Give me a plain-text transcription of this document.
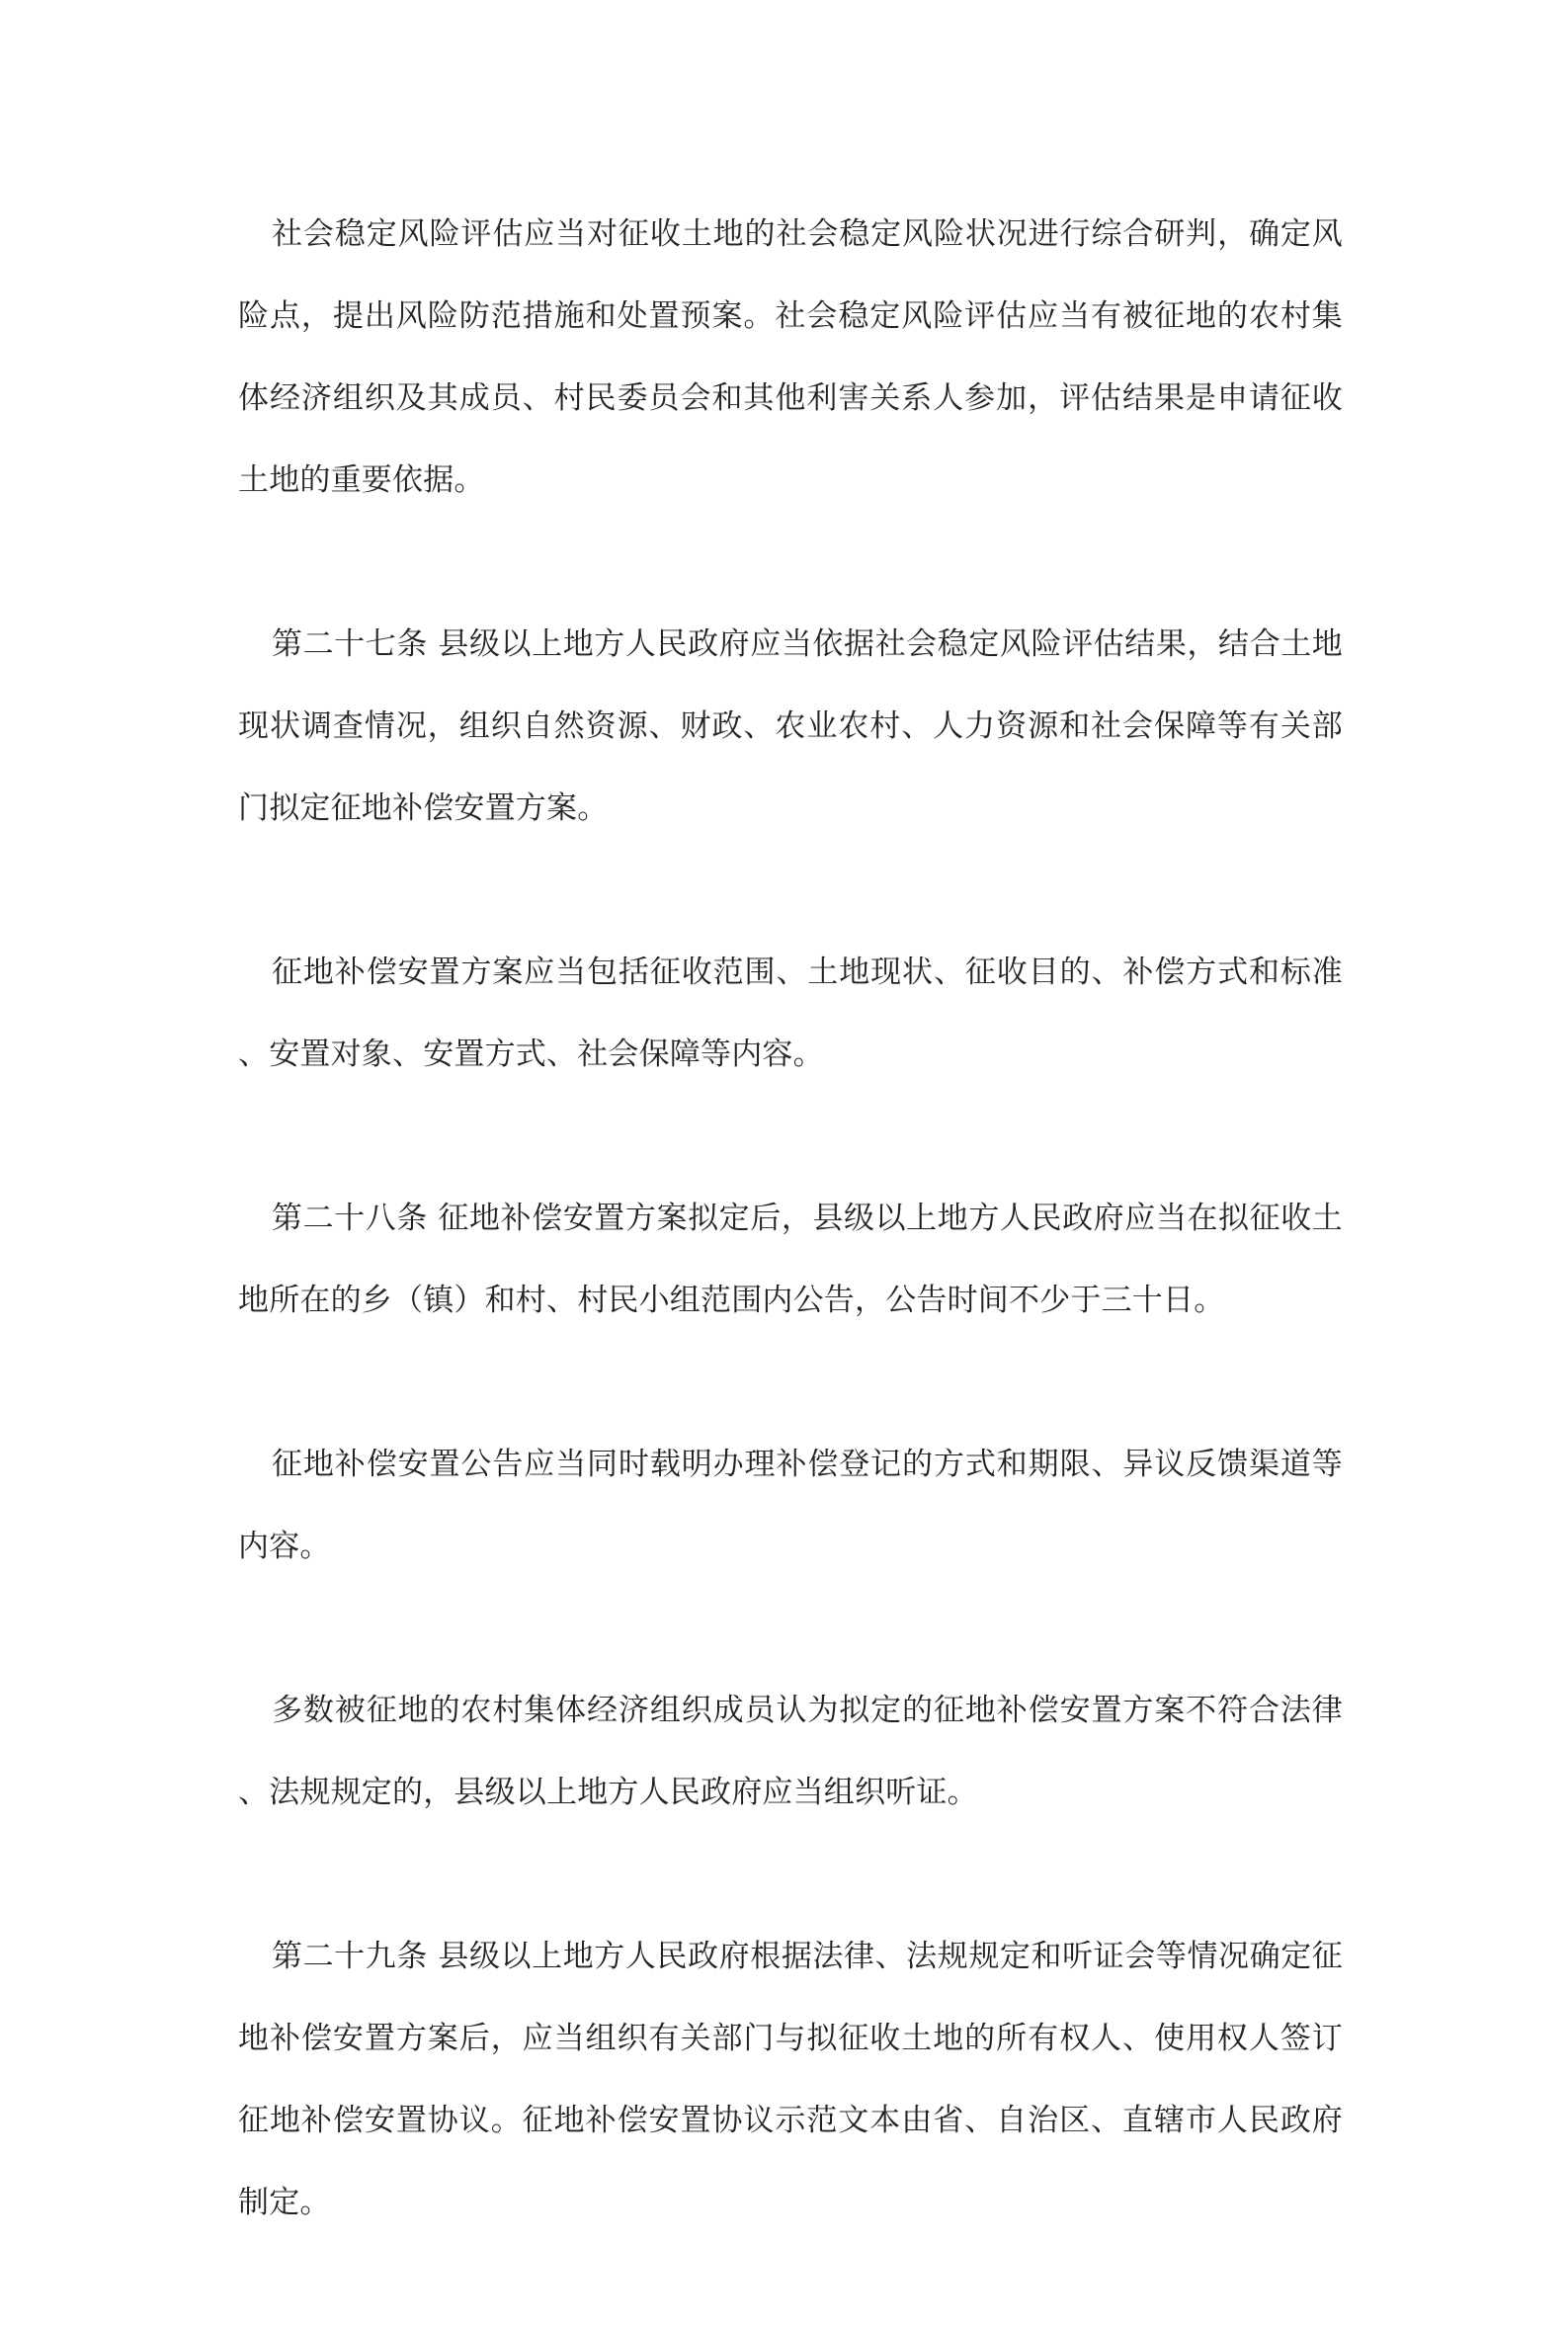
社会稳定风险评估应当对征收土地的社会稳定风险状况进行综合研判，确定风险点，提出风险防范措施和处置预案。社会稳定风险评估应当有被征地的农村集体经济组织及其成员、村民委员会和其他利害关系人参加，评估结果是申请征收土地的重要依据。

第二十七条 县级以上地方人民政府应当依据社会稳定风险评估结果，结合土地现状调查情况，组织自然资源、财政、农业农村、人力资源和社会保障等有关部门拟定征地补偿安置方案。

征地补偿安置方案应当包括征收范围、土地现状、征收目的、补偿方式和标准、安置对象、安置方式、社会保障等内容。

第二十八条 征地补偿安置方案拟定后，县级以上地方人民政府应当在拟征收土地所在的乡（镇）和村、村民小组范围内公告，公告时间不少于三十日。

征地补偿安置公告应当同时载明办理补偿登记的方式和期限、异议反馈渠道等内容。

多数被征地的农村集体经济组织成员认为拟定的征地补偿安置方案不符合法律、法规规定的，县级以上地方人民政府应当组织听证。

第二十九条 县级以上地方人民政府根据法律、法规规定和听证会等情况确定征地补偿安置方案后，应当组织有关部门与拟征收土地的所有权人、使用权人签订征地补偿安置协议。征地补偿安置协议示范文本由省、自治区、直辖市人民政府制定。
